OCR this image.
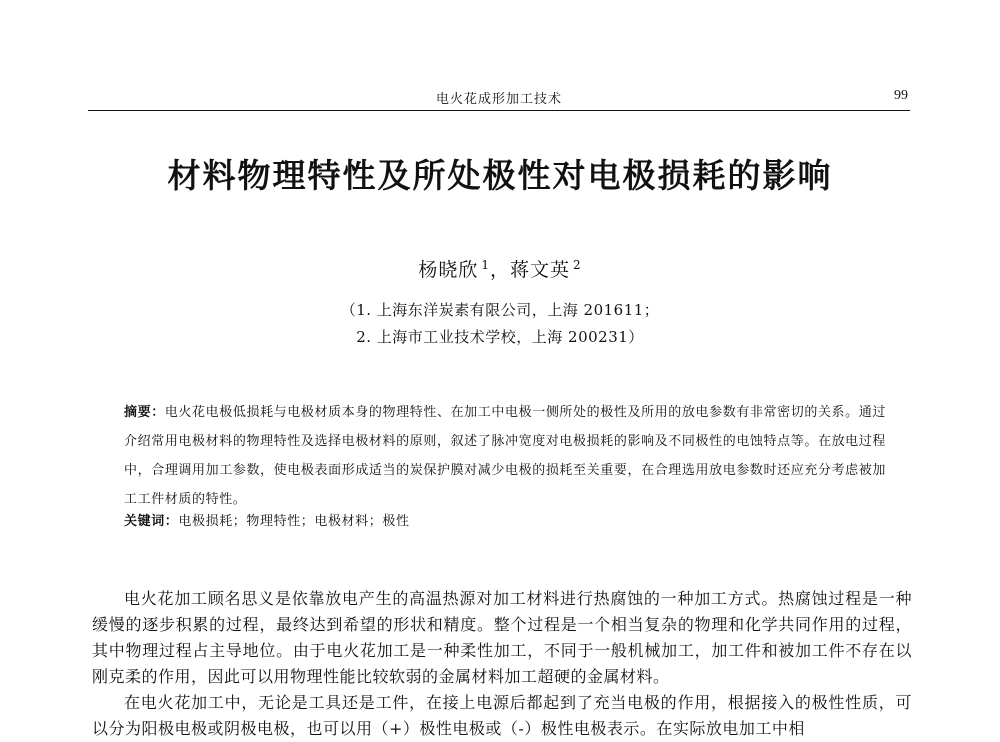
电火花成形加工技术	99
材料物理特性及所处极性对电极损耗的影响
杨晓欣 $^1$，蒋文英 $^2$
（1. 上海东洋炭素有限公司，上海 201611；
2. 上海市工业技术学校，上海 200231）

摘要：电火花电极低损耗与电极材质本身的物理特性、在加工中电极一侧所处的极性及所用的放电参数有非常密切的关系。通过介绍常用电极材料的物理特性及选择电极材料的原则，叙述了脉冲宽度对电极损耗的影响及不同极性的电蚀特点等。在放电过程中，合理调用加工参数，使电极表面形成适当的炭保护膜对减少电极的损耗至关重要，在合理选用放电参数时还应充分考虑被加工工件材质的特性。

关键词：电极损耗；物理特性；电极材料；极性

电火花加工顾名思义是依靠放电产生的高温热源对加工材料进行热腐蚀的一种加工方式。热腐蚀过程是一种缓慢的逐步积累的过程，最终达到希望的形状和精度。整个过程是一个相当复杂的物理和化学共同作用的过程，其中物理过程占主导地位。由于电火花加工是一种柔性加工，不同于一般机械加工，加工件和被加工件不存在以刚克柔的作用，因此可以用物理性能比较软弱的金属材料加工超硬的金属材料。

在电火花加工中，无论是工具还是工件，在接上电源后都起到了充当电极的作用，根据接入的极性性质，可以分为阳极电极或阴极电极，也可以用（+）极性电极或（-）极性电极表示。在实际放电加工中相
